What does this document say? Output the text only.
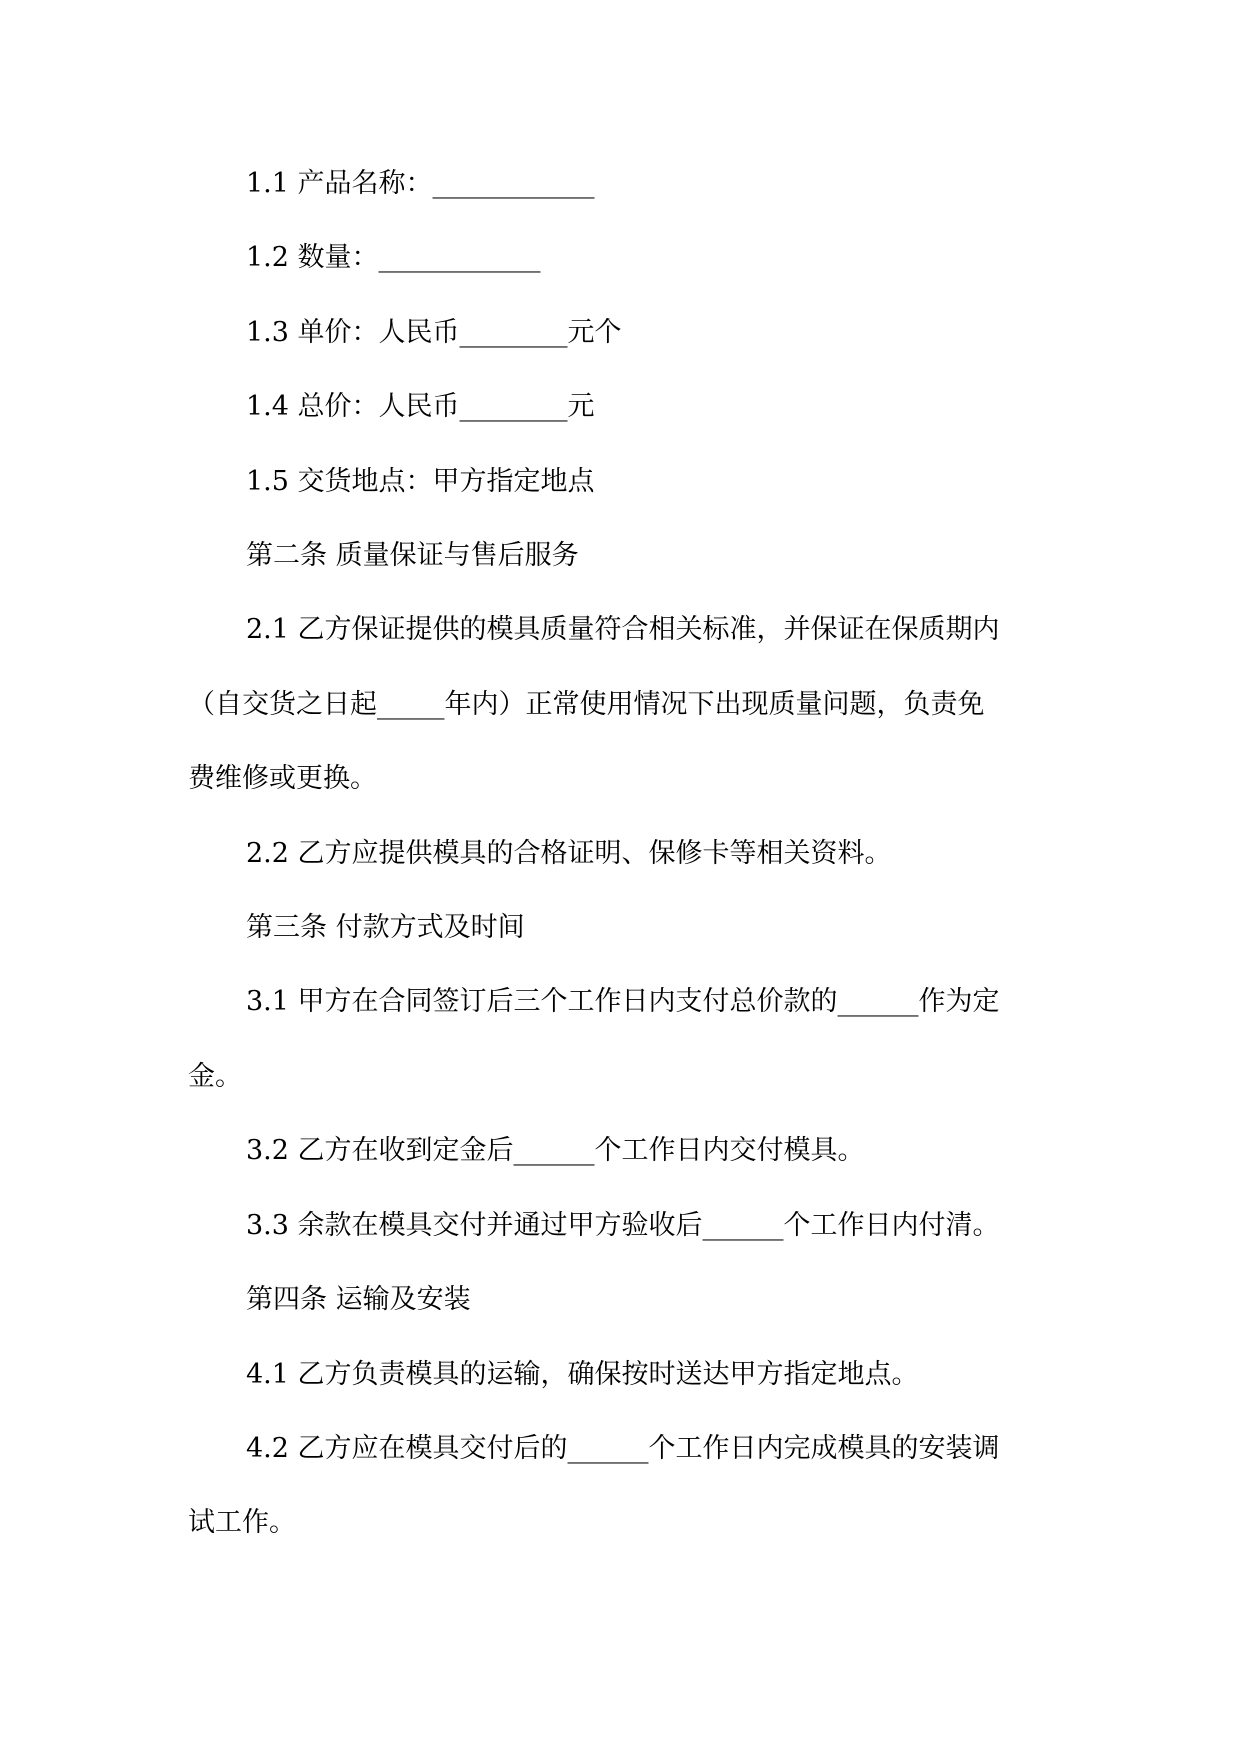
1.1 产品名称：____________

1.2 数量：____________

1.3 单价：人民币________元个

1.4 总价：人民币________元

1.5 交货地点：甲方指定地点

第二条 质量保证与售后服务

2.1 乙方保证提供的模具质量符合相关标准，并保证在保质期内

（自交货之日起_____年内）正常使用情况下出现质量问题，负责免

费维修或更换。

2.2 乙方应提供模具的合格证明、保修卡等相关资料。

第三条 付款方式及时间

3.1 甲方在合同签订后三个工作日内支付总价款的______作为定

金。

3.2 乙方在收到定金后______个工作日内交付模具。

3.3 余款在模具交付并通过甲方验收后______个工作日内付清。

第四条 运输及安装

4.1 乙方负责模具的运输，确保按时送达甲方指定地点。

4.2 乙方应在模具交付后的______个工作日内完成模具的安装调

试工作。
